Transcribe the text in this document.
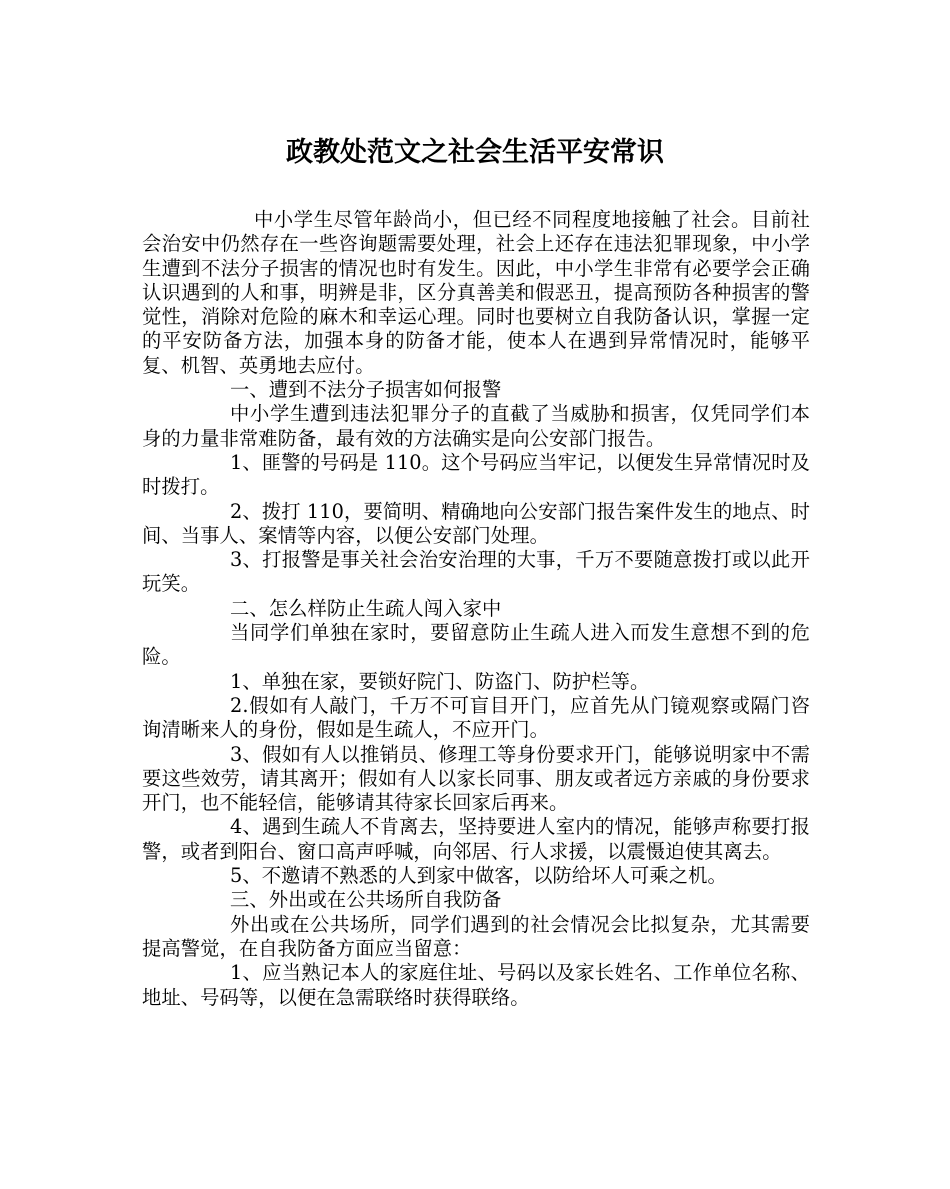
政教处范文之社会生活平安常识

中小学生尽管年龄尚小，但已经不同程度地接触了社会。目前社会治安中仍然存在一些咨询题需要处理，社会上还存在违法犯罪现象，中小学生遭到不法分子损害的情况也时有发生。因此，中小学生非常有必要学会正确认识遇到的人和事，明辨是非，区分真善美和假恶丑，提高预防各种损害的警觉性，消除对危险的麻木和幸运心理。同时也要树立自我防备认识，掌握一定的平安防备方法，加强本身的防备才能，使本人在遇到异常情况时，能够平复、机智、英勇地去应付。

一、遭到不法分子损害如何报警

中小学生遭到违法犯罪分子的直截了当威胁和损害，仅凭同学们本身的力量非常难防备，最有效的方法确实是向公安部门报告。

1、匪警的号码是 110。这个号码应当牢记，以便发生异常情况时及时拨打。

2、拨打 110，要简明、精确地向公安部门报告案件发生的地点、时间、当事人、案情等内容，以便公安部门处理。

3、打报警是事关社会治安治理的大事，千万不要随意拨打或以此开玩笑。

二、怎么样防止生疏人闯入家中

当同学们单独在家时，要留意防止生疏人进入而发生意想不到的危险。

1、单独在家，要锁好院门、防盗门、防护栏等。

2.假如有人敲门，千万不可盲目开门，应首先从门镜观察或隔门咨询清晰来人的身份，假如是生疏人，不应开门。

3、假如有人以推销员、修理工等身份要求开门，能够说明家中不需要这些效劳，请其离开；假如有人以家长同事、朋友或者远方亲戚的身份要求开门，也不能轻信，能够请其待家长回家后再来。

4、遇到生疏人不肯离去，坚持要进人室内的情况，能够声称要打报警，或者到阳台、窗口高声呼喊，向邻居、行人求援，以震慑迫使其离去。

5、不邀请不熟悉的人到家中做客，以防给坏人可乘之机。

三、外出或在公共场所自我防备

外出或在公共场所，同学们遇到的社会情况会比拟复杂，尤其需要提高警觉，在自我防备方面应当留意：

1、应当熟记本人的家庭住址、号码以及家长姓名、工作单位名称、地址、号码等，以便在急需联络时获得联络。
